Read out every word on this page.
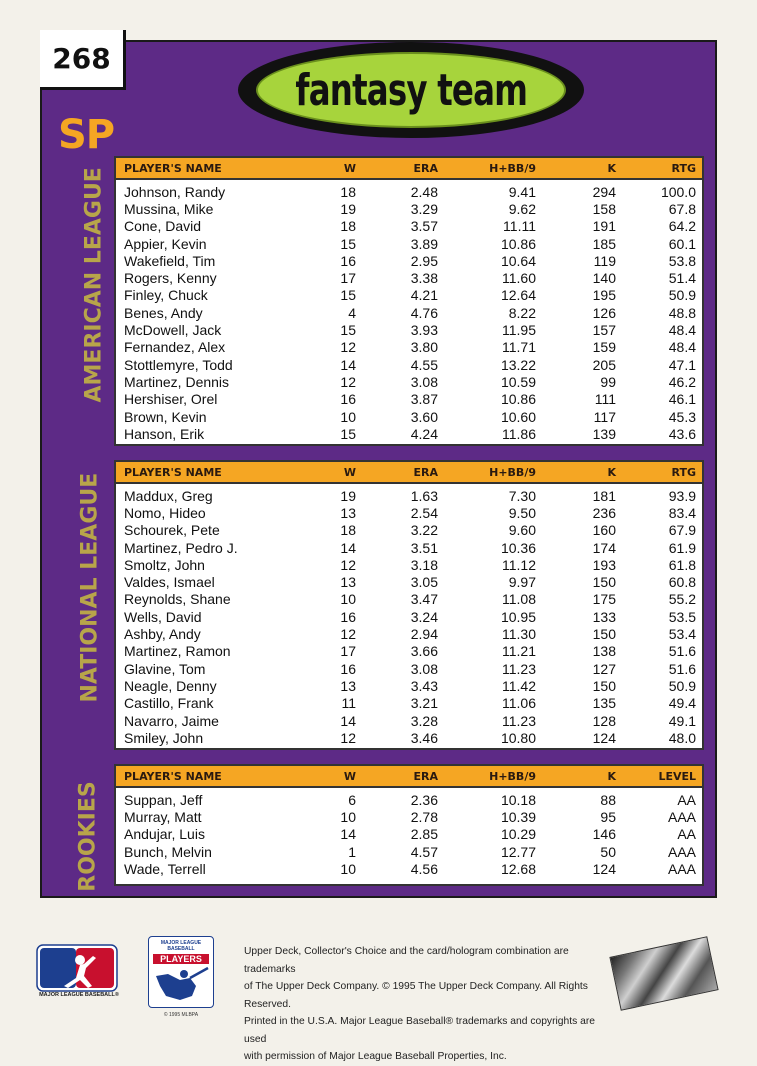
268
fantasy team
SP
AMERICAN LEAGUE
NATIONAL LEAGUE
ROOKIES
PLAYER'S NAME	W	ERA	H+BB/9	K	RTG
Johnson, Randy	18	2.48	9.41	294	100.0
Mussina, Mike	19	3.29	9.62	158	67.8
Cone, David	18	3.57	11.11	191	64.2
Appier, Kevin	15	3.89	10.86	185	60.1
Wakefield, Tim	16	2.95	10.64	119	53.8
Rogers, Kenny	17	3.38	11.60	140	51.4
Finley, Chuck	15	4.21	12.64	195	50.9
Benes, Andy	4	4.76	8.22	126	48.8
McDowell, Jack	15	3.93	11.95	157	48.4
Fernandez, Alex	12	3.80	11.71	159	48.4
Stottlemyre, Todd	14	4.55	13.22	205	47.1
Martinez, Dennis	12	3.08	10.59	99	46.2
Hershiser, Orel	16	3.87	10.86	111	46.1
Brown, Kevin	10	3.60	10.60	117	45.3
Hanson, Erik	15	4.24	11.86	139	43.6
PLAYER'S NAME	W	ERA	H+BB/9	K	RTG
Maddux, Greg	19	1.63	7.30	181	93.9
Nomo, Hideo	13	2.54	9.50	236	83.4
Schourek, Pete	18	3.22	9.60	160	67.9
Martinez, Pedro J.	14	3.51	10.36	174	61.9
Smoltz, John	12	3.18	11.12	193	61.8
Valdes, Ismael	13	3.05	9.97	150	60.8
Reynolds, Shane	10	3.47	11.08	175	55.2
Wells, David	16	3.24	10.95	133	53.5
Ashby, Andy	12	2.94	11.30	150	53.4
Martinez, Ramon	17	3.66	11.21	138	51.6
Glavine, Tom	16	3.08	11.23	127	51.6
Neagle, Denny	13	3.43	11.42	150	50.9
Castillo, Frank	11	3.21	11.06	135	49.4
Navarro, Jaime	14	3.28	11.23	128	49.1
Smiley, John	12	3.46	10.80	124	48.0
PLAYER'S NAME	W	ERA	H+BB/9	K	LEVEL
Suppan, Jeff	6	2.36	10.18	88	AA
Murray, Matt	10	2.78	10.39	95	AAA
Andujar, Luis	14	2.85	10.29	146	AA
Bunch, Melvin	1	4.57	12.77	50	AAA
Wade, Terrell	10	4.56	12.68	124	AAA
MAJOR LEAGUE BASEBALL®
MAJOR LEAGUE BASEBALL
PLAYERS
© 1995 MLBPA
Upper Deck, Collector's Choice and the card/hologram combination are trademarks
of The Upper Deck Company. © 1995 The Upper Deck Company. All Rights Reserved.
Printed in the U.S.A. Major League Baseball® trademarks and copyrights are used
with permission of Major League Baseball Properties, Inc.
